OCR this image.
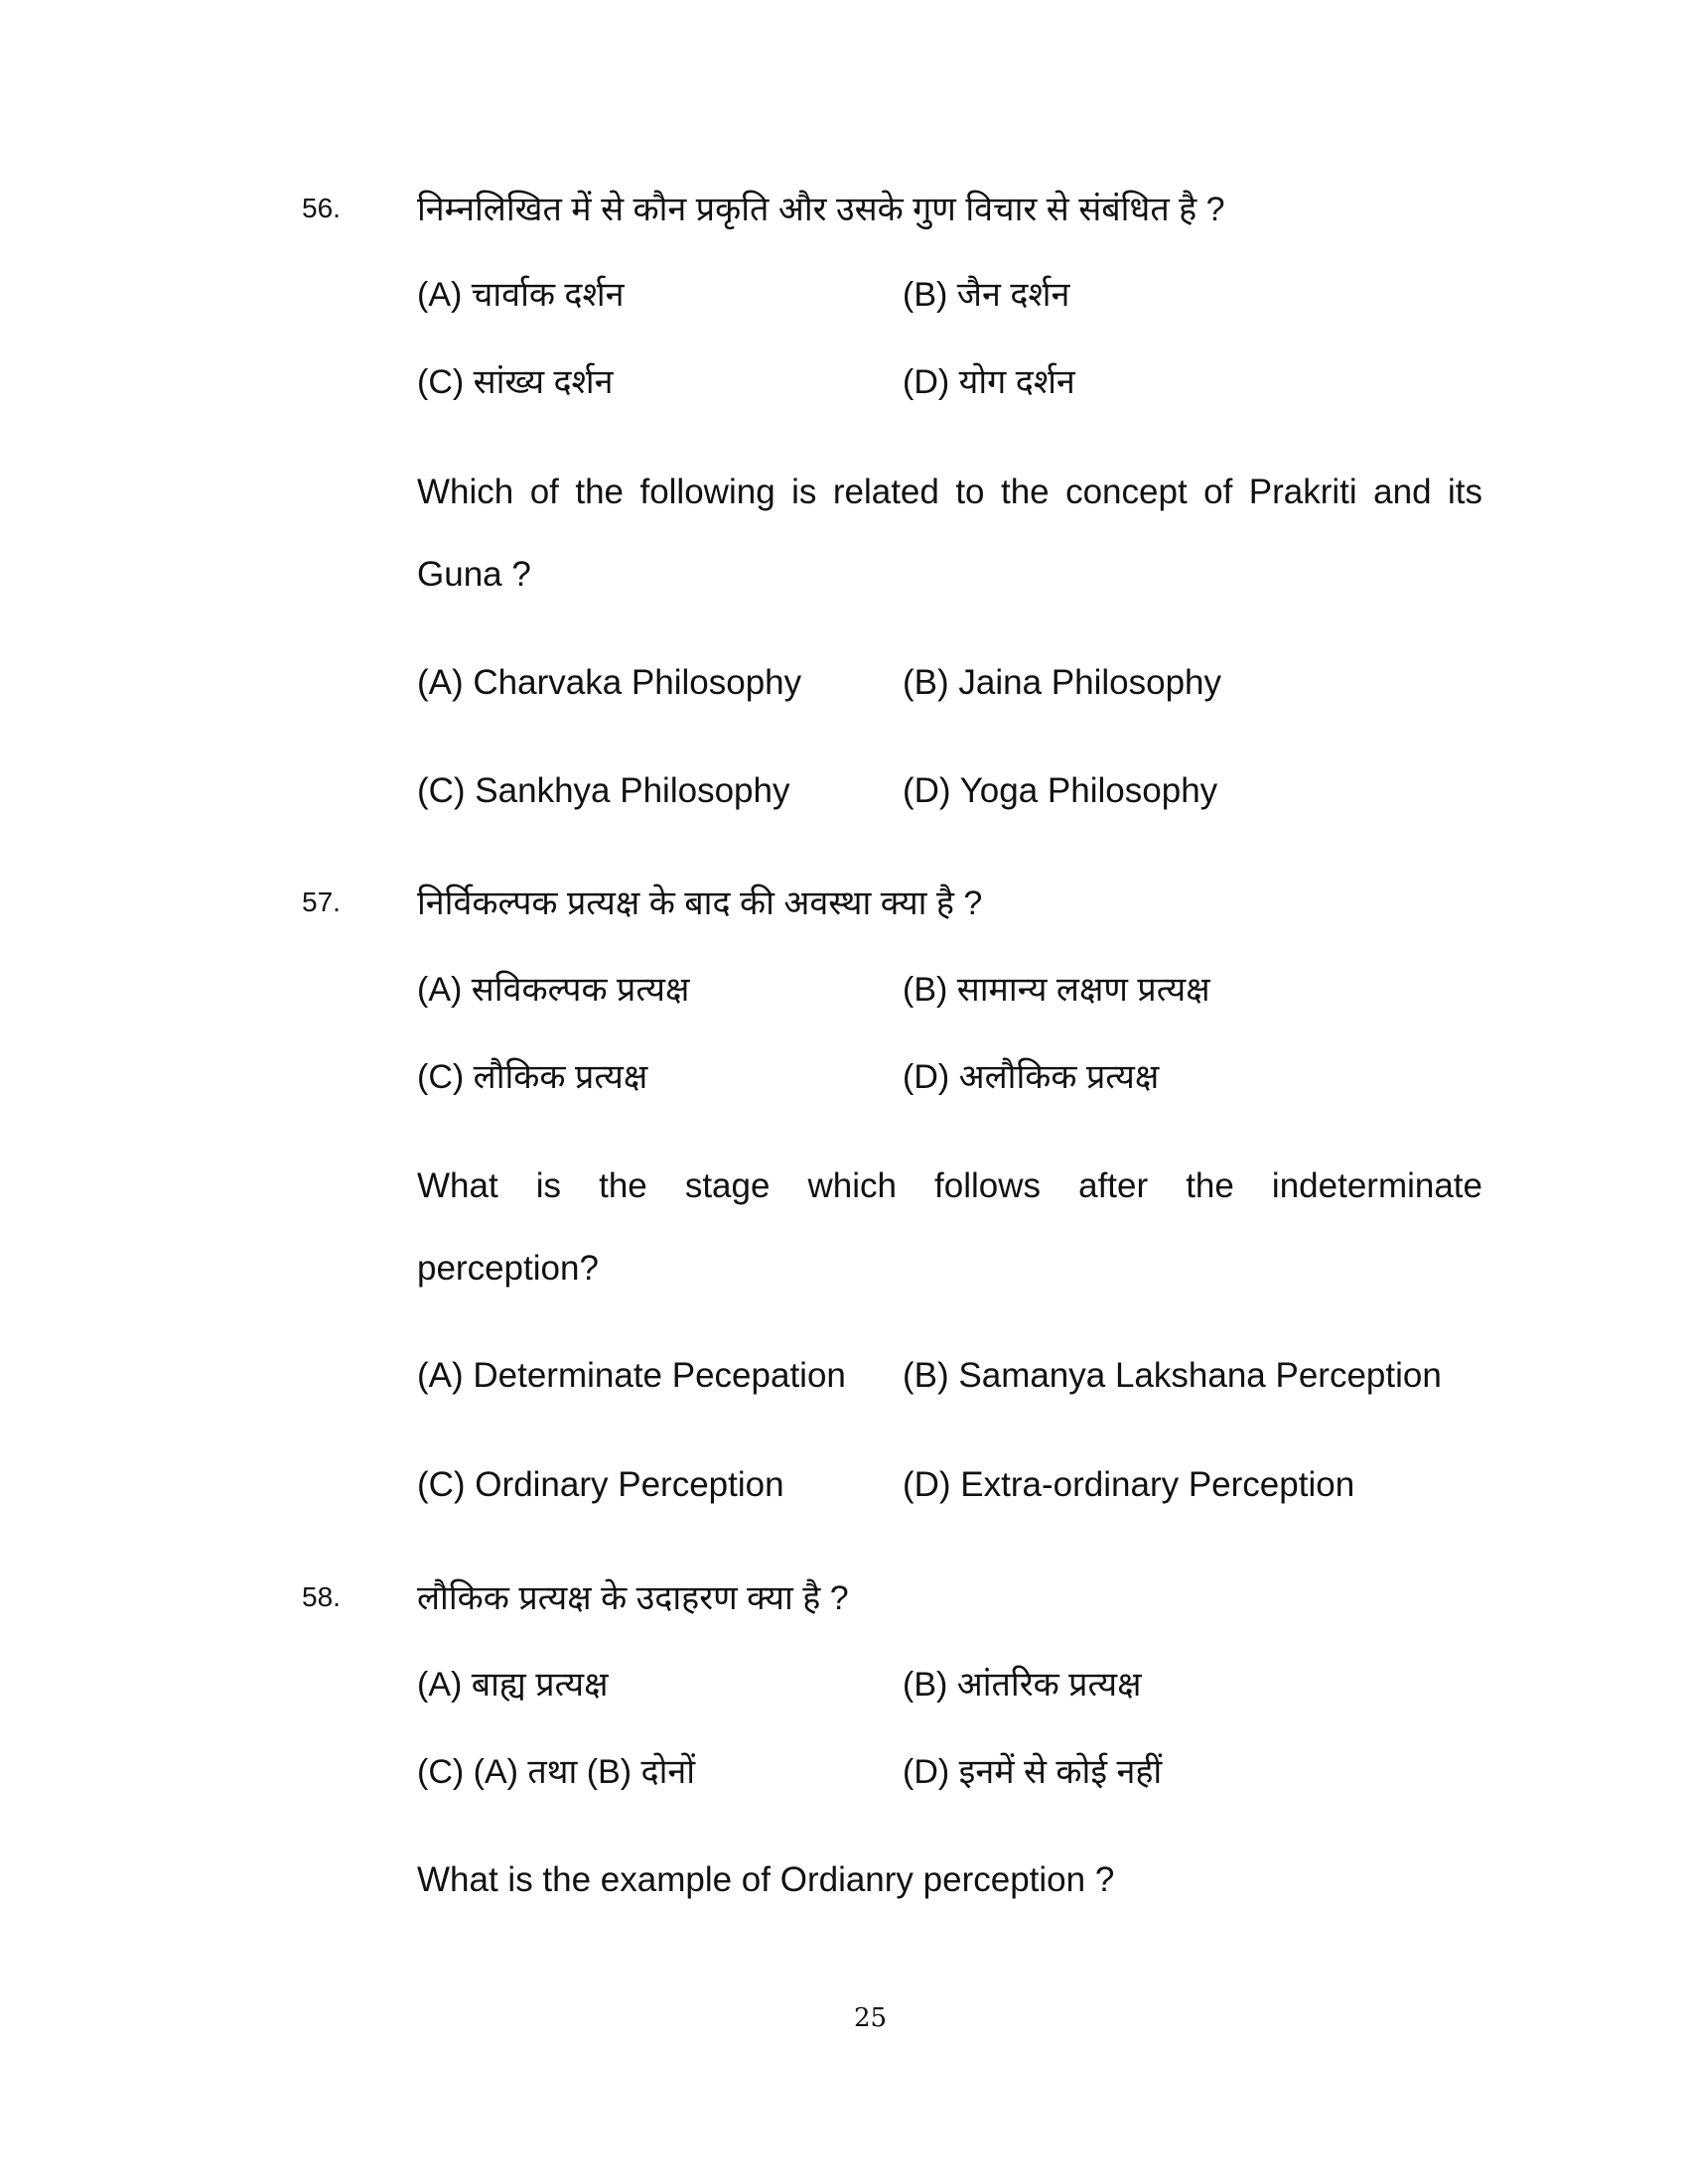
56. निम्नलिखित में से कौन प्रकृति और उसके गुण विचार से संबंधित है ?
(A) चार्वाक दर्शन	(B) जैन दर्शन
(C) सांख्य दर्शन	(D) योग दर्शन
Which of the following is related to the concept of Prakriti and its
Guna ?
(A) Charvaka Philosophy	(B) Jaina Philosophy
(C) Sankhya Philosophy	(D) Yoga Philosophy
57. निर्विकल्पक प्रत्यक्ष के बाद की अवस्था क्या है ?
(A) सविकल्पक प्रत्यक्ष	(B) सामान्य लक्षण प्रत्यक्ष
(C) लौकिक प्रत्यक्ष	(D) अलौकिक प्रत्यक्ष
What is the stage which follows after the indeterminate
perception?
(A) Determinate Pecepation (B) Samanya Lakshana Perception
(C) Ordinary Perception	(D) Extra-ordinary Perception
58. लौकिक प्रत्यक्ष के उदाहरण क्या है ?
(A) बाह्य प्रत्यक्ष	(B) आंतरिक प्रत्यक्ष
(C) (A) तथा (B) दोनों	(D) इनमें से कोई नहीं
What is the example of Ordianry perception ?
25
